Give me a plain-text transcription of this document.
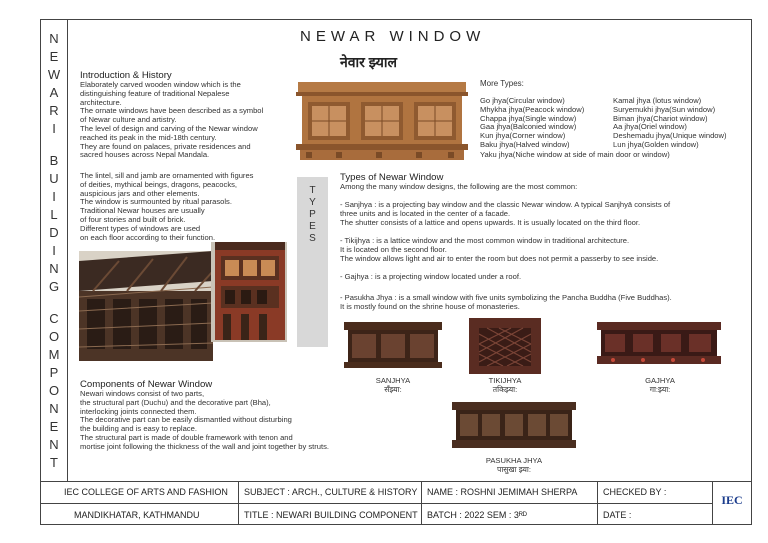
N
E
W
A
R
I
B
U
I
L
D
I
N
G
C
O
M
P
O
N
E
N
T
NEWAR WINDOW
नेवार झ्याल
Introduction & History
Elaborately carved wooden window which is the
distinguishing feature of traditional Nepalese
architecture.
The ornate windows have been described as a symbol
of Newar culture and artistry.
The level of design and carving of the Newar window
reached its peak in the mid-18th century.
They are found on palaces, private residences and
sacred houses across Nepal Mandala.
The lintel, sill and jamb are ornamented with figures
of deities, mythical beings, dragons, peacocks,
auspicious jars and other elements.
The window is surmounted by ritual parasols.
Traditional Newar houses are usually
of four stories and built of brick.
Different types of windows are used
on each floor according to their function.
More Types:
Go jhya(Circular window)
Mhykha jhya(Peacock window)
Chappa jhya(Single window)
Gaa jhya(Balconied window)
Kun jhya(Corner window)
Baku jhya(Halved window)
Kamal jhya (lotus window)
Suryemukhi jhya(Sun window)
Biman jhya(Chariot window)
Aa jhya(Oriel window)
Deshemadu jhya(Unique window)
Lun jhya(Golden window)
Yaku jhya(Niche window at side of main door or window)
T
Y
P
E
S
Types of Newar Window
Among the many window designs, the following are the most common:
- Sanjhya : is a projecting bay window and the classic Newar window. A typical Sanjhyā consists of
three units and is located in the center of a facade.
The shutter consists of a lattice and opens upwards. It is usually located on the third floor.
- Tikijhya : is a lattice window and the most common window in traditional architecture.
It is located on the second floor.
The window allows light and air to enter the room but does not permit a passerby to see inside.
- Gajhya : is a projecting window located under a roof.
- Pasukha Jhya : is a small window with five units symbolizing the Pancha Buddha (Five Buddhas).
It is mostly found on the shrine house of monasteries.
SANJHYA
सँझ्या:
TIKIJHYA
तकिझ्या:
GAJHYA
गा:झ्या:
PASUKHA JHYA
पासुखा झ्या:
Components of Newar Window
Newari windows consist of two parts,
the structural part (Duchu) and the decorative part (Bha),
interlocking joints connected them.
The decorative part can be easily dismantled without disturbing
the building and is easy to replace.
The structural part is made of double framework with tenon and
mortise joint following the thickness of the wall and joint together by struts.
IEC COLLEGE OF ARTS AND FASHION
MANDIKHATAR, KATHMANDU
SUBJECT : ARCH., CULTURE & HISTORY
TITLE : NEWARI BUILDING COMPONENT
NAME : ROSHNI JEMIMAH SHERPA
BATCH : 2022 SEM : 3ᴿᴰ
CHECKED BY :
DATE :
IEC
